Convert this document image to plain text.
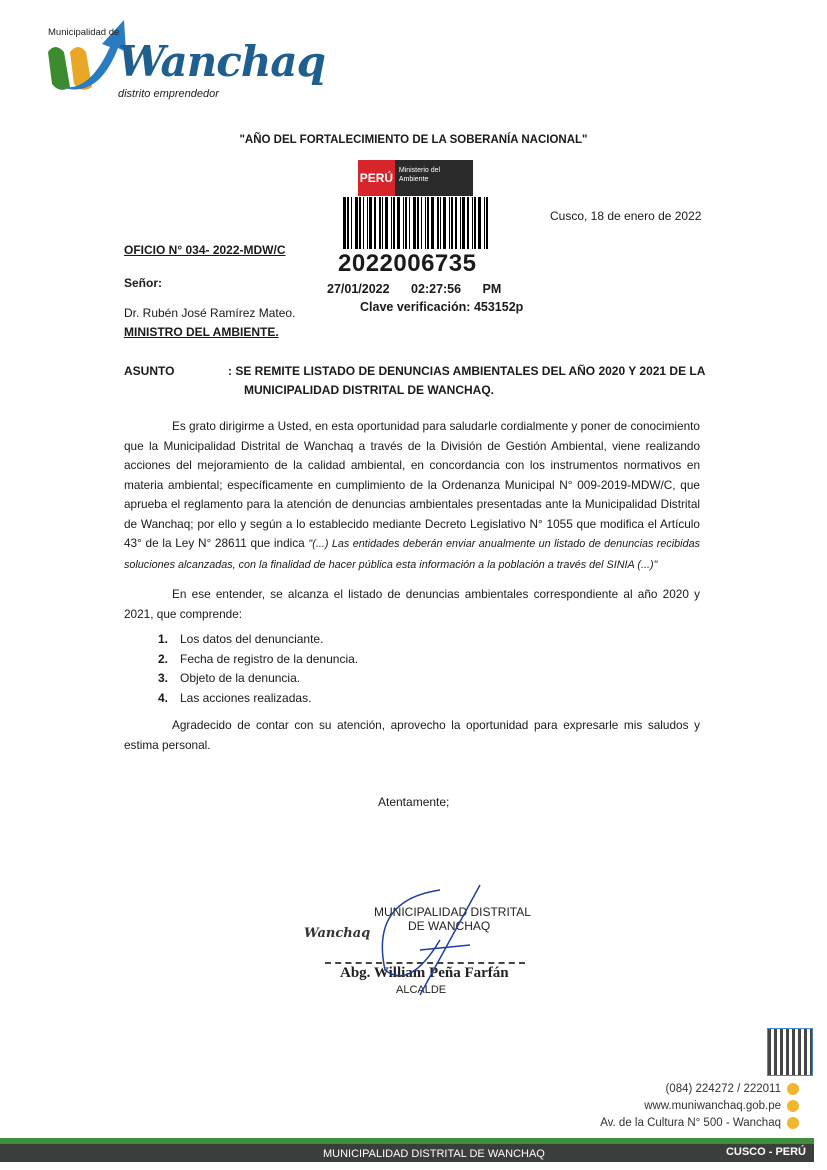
Municipalidad de
Wanchaq
distrito emprendedor
"AÑO DEL FORTALECIMIENTO DE LA SOBERANÍA NACIONAL"
PERÚ
Ministerio del Ambiente
2022006735
27/01/2022 02:27:56 PM
Clave verificación: 453152p
Cusco, 18 de enero de 2022
OFICIO N° 034- 2022-MDW/C
Señor:
Dr. Rubén José Ramírez Mateo.
MINISTRO DEL AMBIENTE.
ASUNTO	: SE REMITE LISTADO DE DENUNCIAS AMBIENTALES DEL AÑO 2020 Y 2021 DE LA
MUNICIPALIDAD DISTRITAL DE WANCHAQ.

Es grato dirigirme a Usted, en esta oportunidad para saludarle cordialmente y poner de conocimiento que la Municipalidad Distrital de Wanchaq a través de la División de Gestión Ambiental, viene realizando acciones del mejoramiento de la calidad ambiental, en concordancia con los instrumentos normativos en materia ambiental; específicamente en cumplimiento de la Ordenanza Municipal N° 009-2019-MDW/C, que aprueba el reglamento para la atención de denuncias ambientales presentadas ante la Municipalidad Distrital de Wanchaq; por ello y según a lo establecido mediante Decreto Legislativo N° 1055 que modifica el Artículo 43° de la Ley N° 28611 que indica "(...) Las entidades deberán enviar anualmente un listado de denuncias recibidas soluciones alcanzadas, con la finalidad de hacer pública esta información a la población a través del SINIA (...)"

En ese entender, se alcanza el listado de denuncias ambientales correspondiente al año 2020 y 2021, que comprende:

1. Los datos del denunciante.
2. Fecha de registro de la denuncia.
3. Objeto de la denuncia.
4. Las acciones realizadas.

Agradecido de contar con su atención, aprovecho la oportunidad para expresarle mis saludos y estima personal.

Atentamente;
Wanchaq
MUNICIPALIDAD DISTRITAL
DE WANCHAQ
Abg. William Peña Farfán
ALCALDE
(084) 224272 / 222011
www.muniwanchaq.gob.pe
Av. de la Cultura N° 500 - Wanchaq
MUNICIPALIDAD DISTRITAL DE WANCHAQ	CUSCO - PERÚ
